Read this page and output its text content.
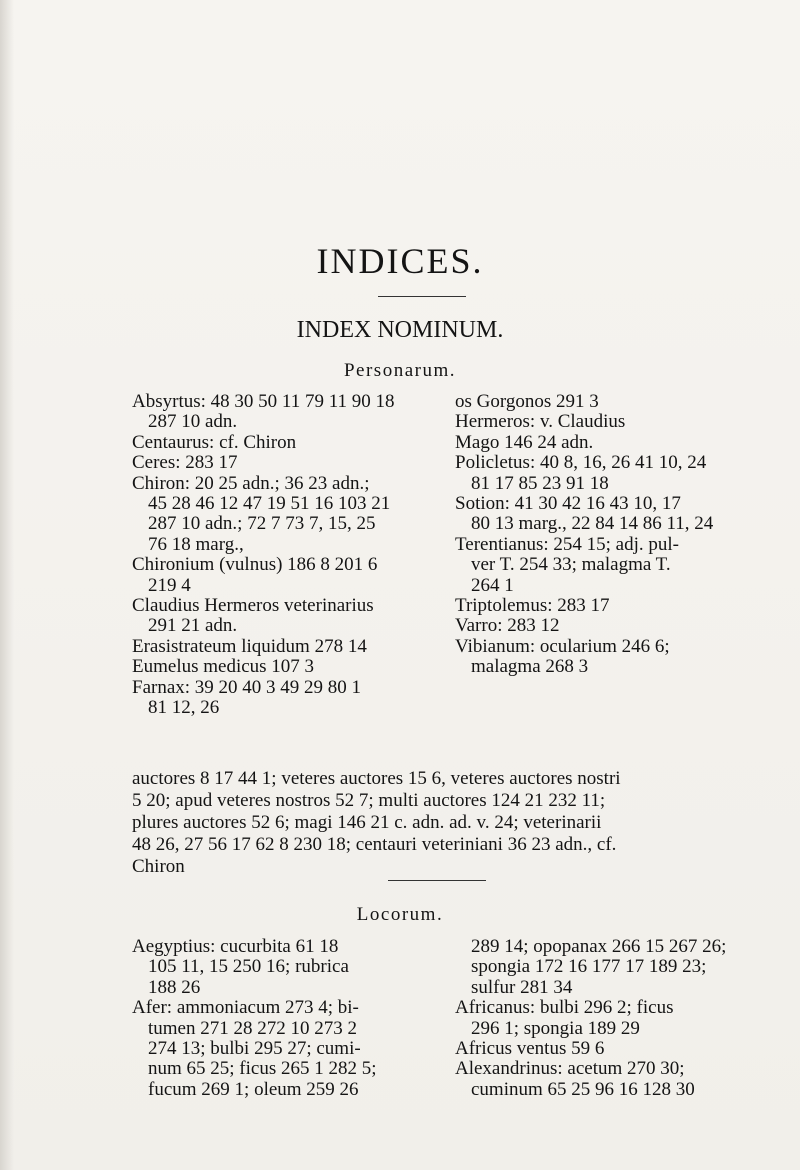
INDICES.
INDEX NOMINUM.
Personarum.
Absyrtus: 48 30 50 11 79 11 90 18
287 10 adn.
Centaurus: cf. Chiron
Ceres: 283 17
Chiron: 20 25 adn.; 36 23 adn.;
45 28 46 12 47 19 51 16 103 21
287 10 adn.; 72 7 73 7, 15, 25
76 18 marg.,
Chironium (vulnus) 186 8 201 6
219 4
Claudius Hermeros veterinarius
291 21 adn.
Erasistrateum liquidum 278 14
Eumelus medicus 107 3
Farnax: 39 20 40 3 49 29 80 1
81 12, 26
os Gorgonos 291 3
Hermeros: v. Claudius
Mago 146 24 adn.
Policletus: 40 8, 16, 26 41 10, 24
81 17 85 23 91 18
Sotion: 41 30 42 16 43 10, 17
80 13 marg., 22 84 14 86 11, 24
Terentianus: 254 15; adj. pul-
ver T. 254 33; malagma T.
264 1
Triptolemus: 283 17
Varro: 283 12
Vibianum: ocularium 246 6;
malagma 268 3
auctores 8 17 44 1; veteres auctores 15 6, veteres auctores nostri
5 20; apud veteres nostros 52 7; multi auctores 124 21 232 11;
plures auctores 52 6; magi 146 21 c. adn. ad. v. 24; veterinarii
48 26, 27 56 17 62 8 230 18; centauri veteriniani 36 23 adn., cf.
Chiron
Locorum.
Aegyptius: cucurbita 61 18
105 11, 15 250 16; rubrica
188 26
Afer: ammoniacum 273 4; bi-
tumen 271 28 272 10 273 2
274 13; bulbi 295 27; cumi-
num 65 25; ficus 265 1 282 5;
fucum 269 1; oleum 259 26
289 14; opopanax 266 15 267 26;
spongia 172 16 177 17 189 23;
sulfur 281 34
Africanus: bulbi 296 2; ficus
296 1; spongia 189 29
Africus ventus 59 6
Alexandrinus: acetum 270 30;
cuminum 65 25 96 16 128 30
